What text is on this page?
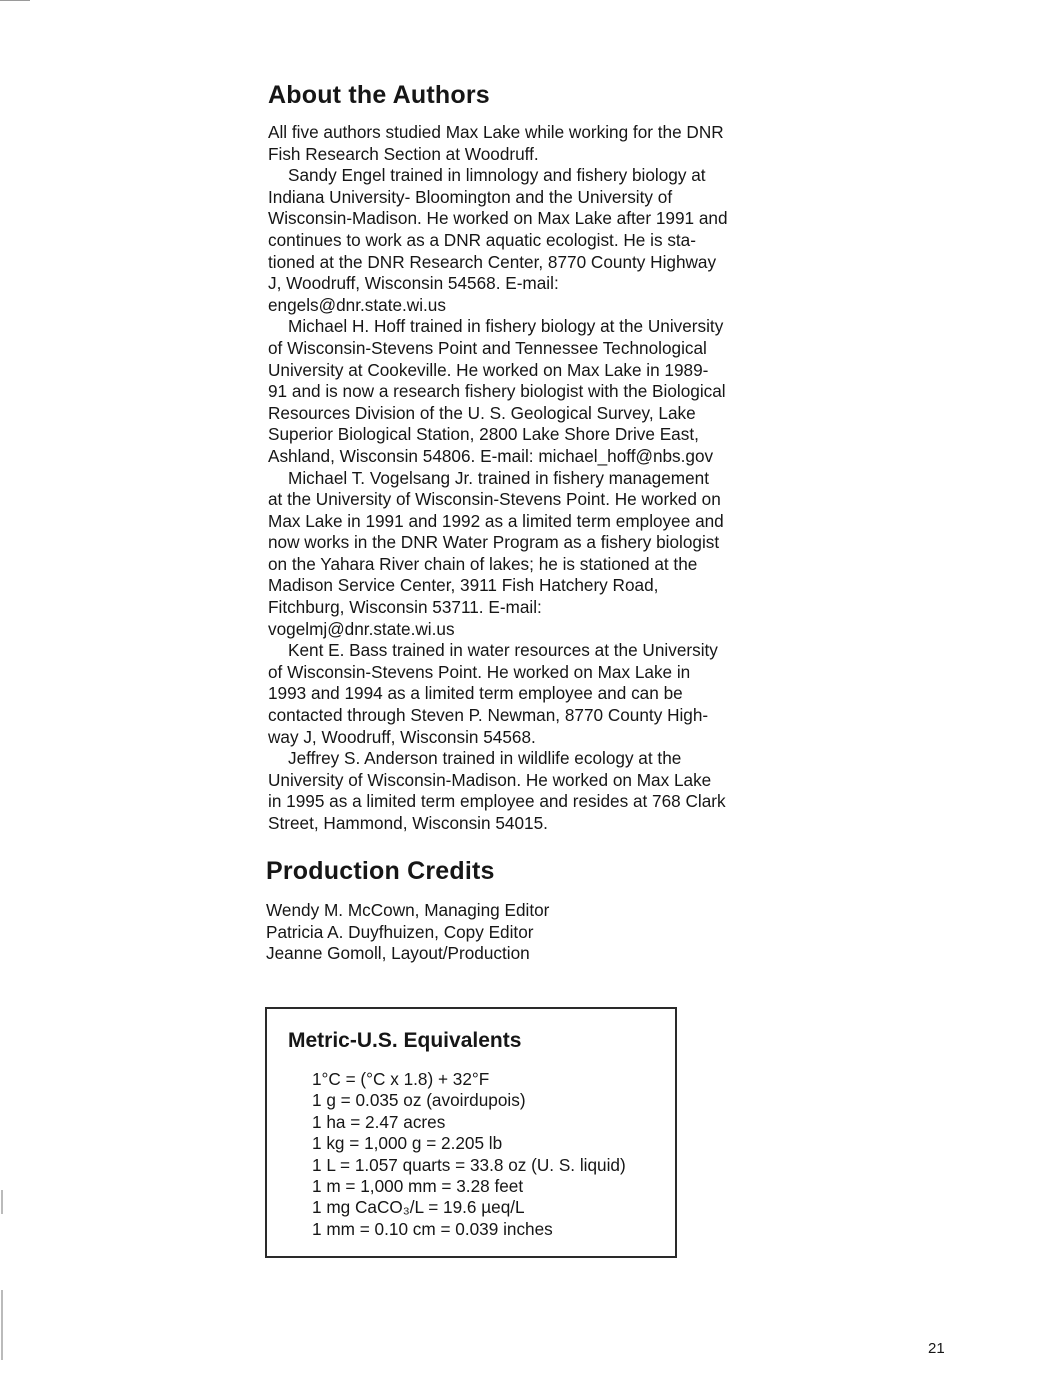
About the Authors

All five authors studied Max Lake while working for the DNR
Fish Research Section at Woodruff.

Sandy Engel trained in limnology and fishery biology at
Indiana University- Bloomington and the University of
Wisconsin-Madison. He worked on Max Lake after 1991 and
continues to work as a DNR aquatic ecologist. He is sta-
tioned at the DNR Research Center, 8770 County Highway
J, Woodruff, Wisconsin 54568. E-mail:
engels@dnr.state.wi.us

Michael H. Hoff trained in fishery biology at the University
of Wisconsin-Stevens Point and Tennessee Technological
University at Cookeville. He worked on Max Lake in 1989-
91 and is now a research fishery biologist with the Biological
Resources Division of the U. S. Geological Survey, Lake
Superior Biological Station, 2800 Lake Shore Drive East,
Ashland, Wisconsin 54806. E-mail: michael_hoff@nbs.gov

Michael T. Vogelsang Jr. trained in fishery management
at the University of Wisconsin-Stevens Point. He worked on
Max Lake in 1991 and 1992 as a limited term employee and
now works in the DNR Water Program as a fishery biologist
on the Yahara River chain of lakes; he is stationed at the
Madison Service Center, 3911 Fish Hatchery Road,
Fitchburg, Wisconsin 53711. E-mail:
vogelmj@dnr.state.wi.us

Kent E. Bass trained in water resources at the University
of Wisconsin-Stevens Point. He worked on Max Lake in
1993 and 1994 as a limited term employee and can be
contacted through Steven P. Newman, 8770 County High-
way J, Woodruff, Wisconsin 54568.

Jeffrey S. Anderson trained in wildlife ecology at the
University of Wisconsin-Madison. He worked on Max Lake
in 1995 as a limited term employee and resides at 768 Clark
Street, Hammond, Wisconsin 54015.

Production Credits
Wendy M. McCown, Managing Editor
Patricia A. Duyfhuizen, Copy Editor
Jeanne Gomoll, Layout/Production
Metric-U.S. Equivalents
1°C = (°C x 1.8) + 32°F
1 g = 0.035 oz (avoirdupois)
1 ha = 2.47 acres
1 kg = 1,000 g = 2.205 lb
1 L = 1.057 quarts = 33.8 oz (U. S. liquid)
1 m = 1,000 mm = 3.28 feet
1 mg CaCO₃/L = 19.6 µeq/L
1 mm = 0.10 cm = 0.039 inches
21
